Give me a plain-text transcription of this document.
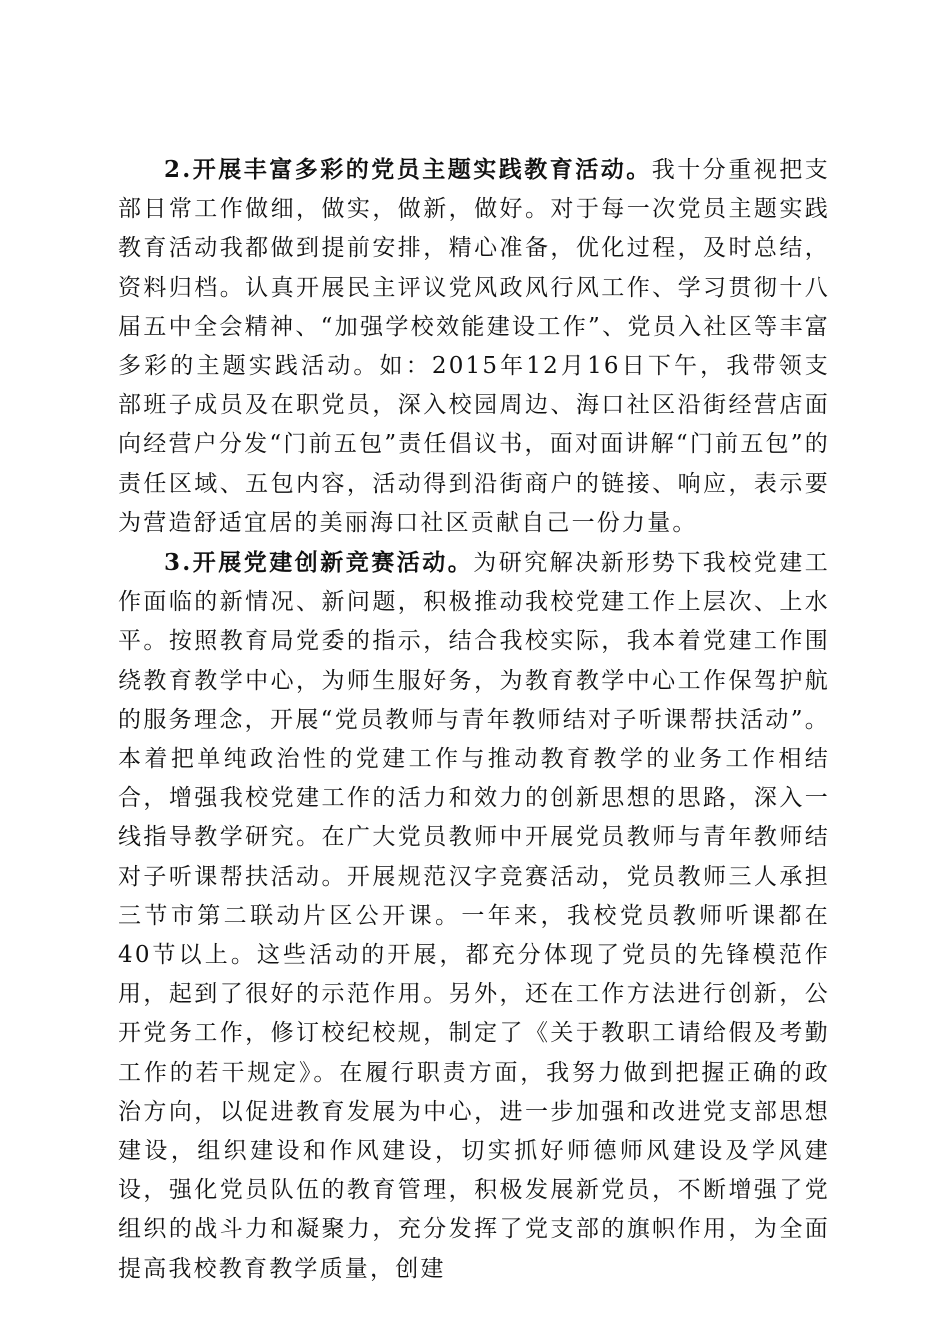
2.开展丰富多彩的党员主题实践教育活动。我十分重视把支部日常工作做细，做实，做新，做好。对于每一次党员主题实践教育活动我都做到提前安排，精心准备，优化过程，及时总结，资料归档。认真开展民主评议党风政风行风工作、学习贯彻十八届五中全会精神、“加强学校效能建设工作”、党员入社区等丰富多彩的主题实践活动。如：2015年12月16日下午，我带领支部班子成员及在职党员，深入校园周边、海口社区沿街经营店面向经营户分发“门前五包”责任倡议书，面对面讲解“门前五包”的责任区域、五包内容，活动得到沿街商户的链接、响应，表示要为营造舒适宜居的美丽海口社区贡献自己一份力量。

3.开展党建创新竞赛活动。为研究解决新形势下我校党建工作面临的新情况、新问题，积极推动我校党建工作上层次、上水平。按照教育局党委的指示，结合我校实际，我本着党建工作围绕教育教学中心，为师生服好务，为教育教学中心工作保驾护航的服务理念，开展“党员教师与青年教师结对子听课帮扶活动”。本着把单纯政治性的党建工作与推动教育教学的业务工作相结合，增强我校党建工作的活力和效力的创新思想的思路，深入一线指导教学研究。在广大党员教师中开展党员教师与青年教师结对子听课帮扶活动。开展规范汉字竞赛活动，党员教师三人承担三节市第二联动片区公开课。一年来，我校党员教师听课都在40节以上。这些活动的开展，都充分体现了党员的先锋模范作用，起到了很好的示范作用。另外，还在工作方法进行创新，公开党务工作，修订校纪校规，制定了《关于教职工请给假及考勤工作的若干规定》。在履行职责方面，我努力做到把握正确的政治方向，以促进教育发展为中心，进一步加强和改进党支部思想建设，组织建设和作风建设，切实抓好师德师风建设及学风建设，强化党员队伍的教育管理，积极发展新党员，不断增强了党组织的战斗力和凝聚力，充分发挥了党支部的旗帜作用，为全面提高我校教育教学质量，创建
